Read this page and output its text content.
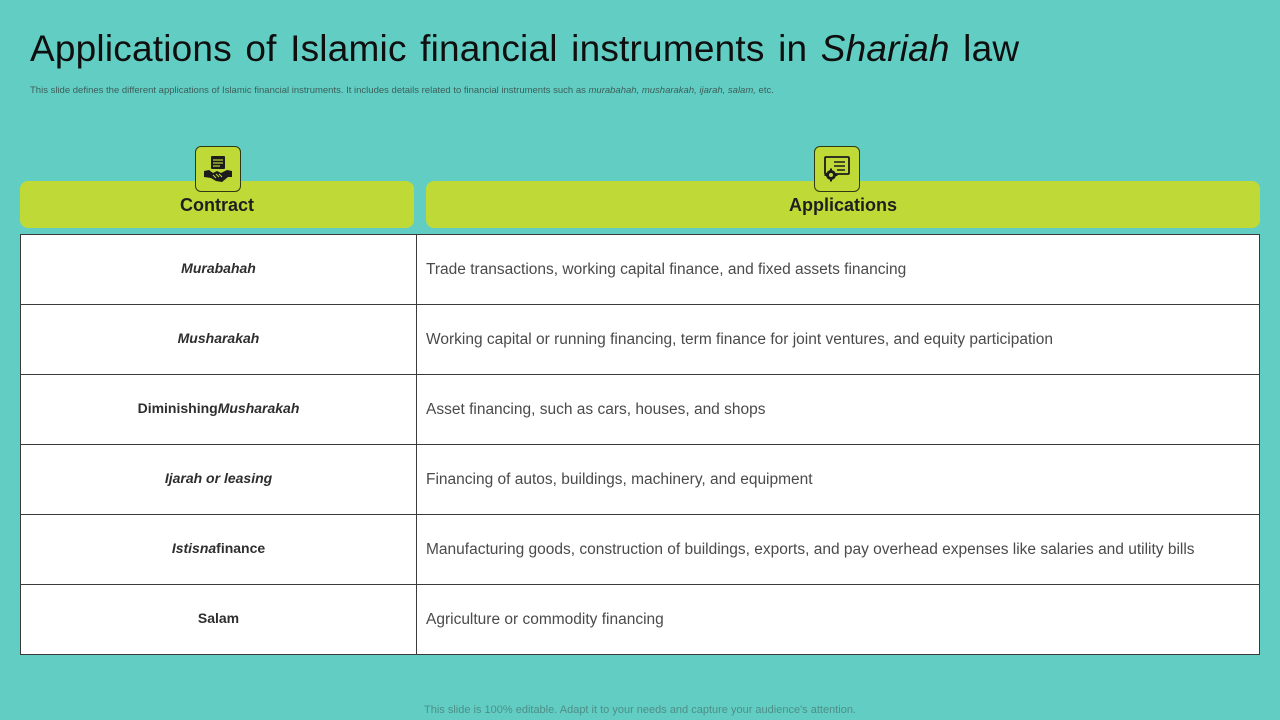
Applications of Islamic financial instruments in Shariah law

This slide defines the different applications of Islamic financial instruments. It includes details related to financial instruments such as murabahah, musharakah, ijarah, salam, etc.

Contract	Applications
Murabahah	Trade transactions, working capital finance, and fixed assets financing
Musharakah	Working capital or running financing, term finance for joint ventures, and equity participation
Diminishing Musharakah	Asset financing, such as cars, houses, and shops
Ijarah or leasing	Financing of autos, buildings, machinery, and equipment
Istisna finance	Manufacturing goods, construction of buildings, exports, and pay overhead expenses like salaries and utility bills
Salam	Agriculture or commodity financing

This slide is 100% editable. Adapt it to your needs and capture your audience's attention.
